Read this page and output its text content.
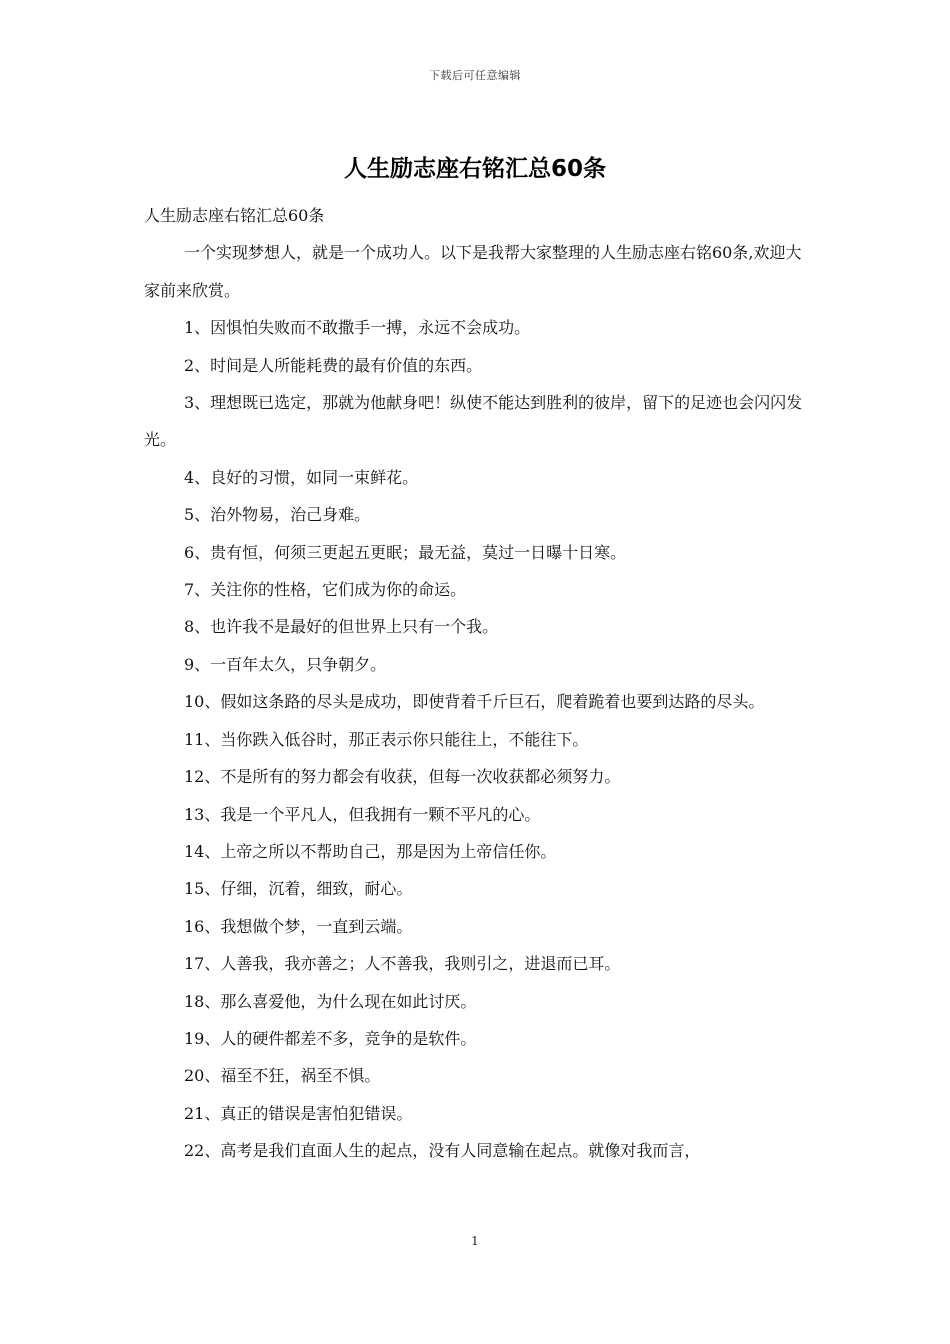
下载后可任意编辑
人生励志座右铭汇总60条

人生励志座右铭汇总60条

一个实现梦想人，就是一个成功人。以下是我帮大家整理的人生励志座右铭60条,欢迎大家前来欣赏。

1、因惧怕失败而不敢撒手一搏，永远不会成功。

2、时间是人所能耗费的最有价值的东西。

3、理想既已选定，那就为他献身吧！纵使不能达到胜利的彼岸，留下的足迹也会闪闪发光。

4、良好的习惯，如同一束鲜花。

5、治外物易，治己身难。

6、贵有恒，何须三更起五更眠；最无益，莫过一日曝十日寒。

7、关注你的性格，它们成为你的命运。

8、也许我不是最好的但世界上只有一个我。

9、一百年太久，只争朝夕。

10、假如这条路的尽头是成功，即使背着千斤巨石，爬着跪着也要到达路的尽头。

11、当你跌入低谷时，那正表示你只能往上，不能往下。

12、不是所有的努力都会有收获，但每一次收获都必须努力。

13、我是一个平凡人，但我拥有一颗不平凡的心。

14、上帝之所以不帮助自己，那是因为上帝信任你。

15、仔细，沉着，细致，耐心。

16、我想做个梦，一直到云端。

17、人善我，我亦善之；人不善我，我则引之，进退而已耳。

18、那么喜爱他，为什么现在如此讨厌。

19、人的硬件都差不多，竞争的是软件。

20、福至不狂，祸至不惧。

21、真正的错误是害怕犯错误。

22、高考是我们直面人生的起点，没有人同意输在起点。就像对我而言，

1
